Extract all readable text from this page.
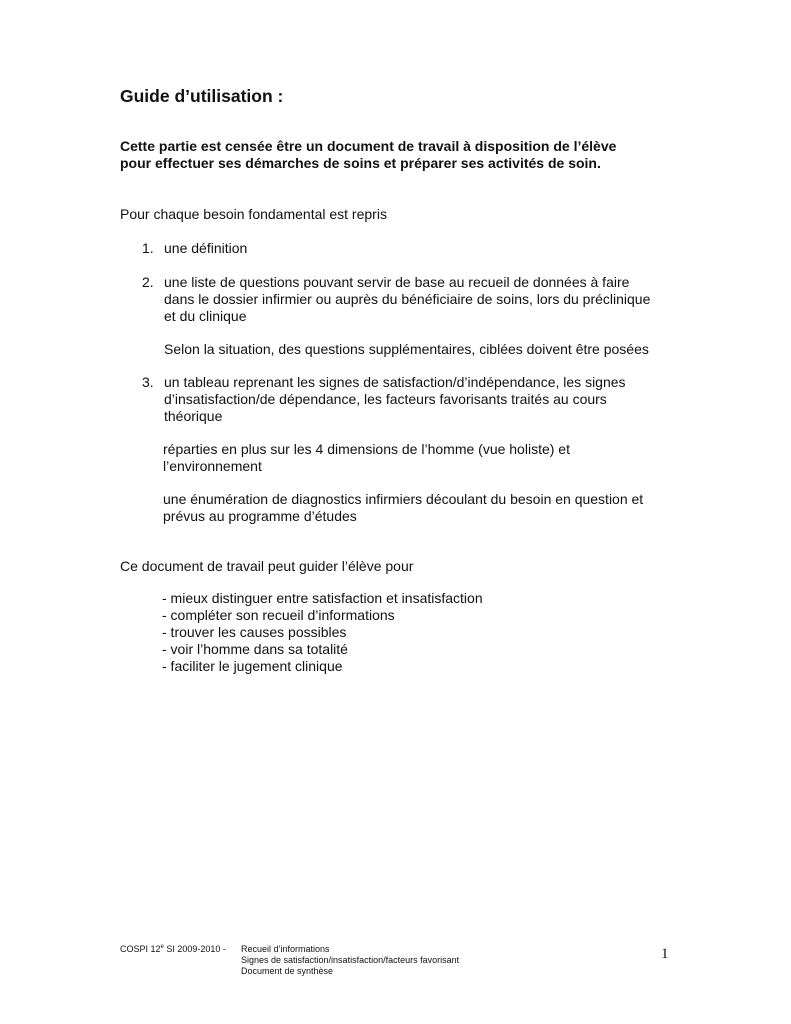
Guide d’utilisation :

Cette partie est censée être un document de travail à disposition de l’élève
pour effectuer ses démarches de soins et préparer ses activités de soin.

Pour chaque besoin fondamental est repris

1. une définition

2. une liste de questions pouvant servir de base au recueil de données à faire
dans le dossier infirmier ou auprès du bénéficiaire de soins, lors du préclinique
et du clinique

Selon la situation, des questions supplémentaires, ciblées doivent être posées

3. un tableau reprenant les signes de satisfaction/d’indépendance, les signes
d’insatisfaction/de dépendance, les facteurs favorisants traités au cours
théorique

réparties en plus sur les 4 dimensions de l’homme (vue holiste) et
l’environnement

une énumération de diagnostics infirmiers découlant du besoin en question et
prévus au programme d’études

Ce document de travail peut guider l’élève pour

- mieux distinguer entre satisfaction et insatisfaction
- compléter son recueil d’informations
- trouver les causes possibles
- voir l’homme dans sa totalité
- faciliter le jugement clinique
COSPI 12e SI 2009-2010 - Recueil d’informations
Signes de satisfaction/insatisfaction/facteurs favorisant
Document de synthèse
1
